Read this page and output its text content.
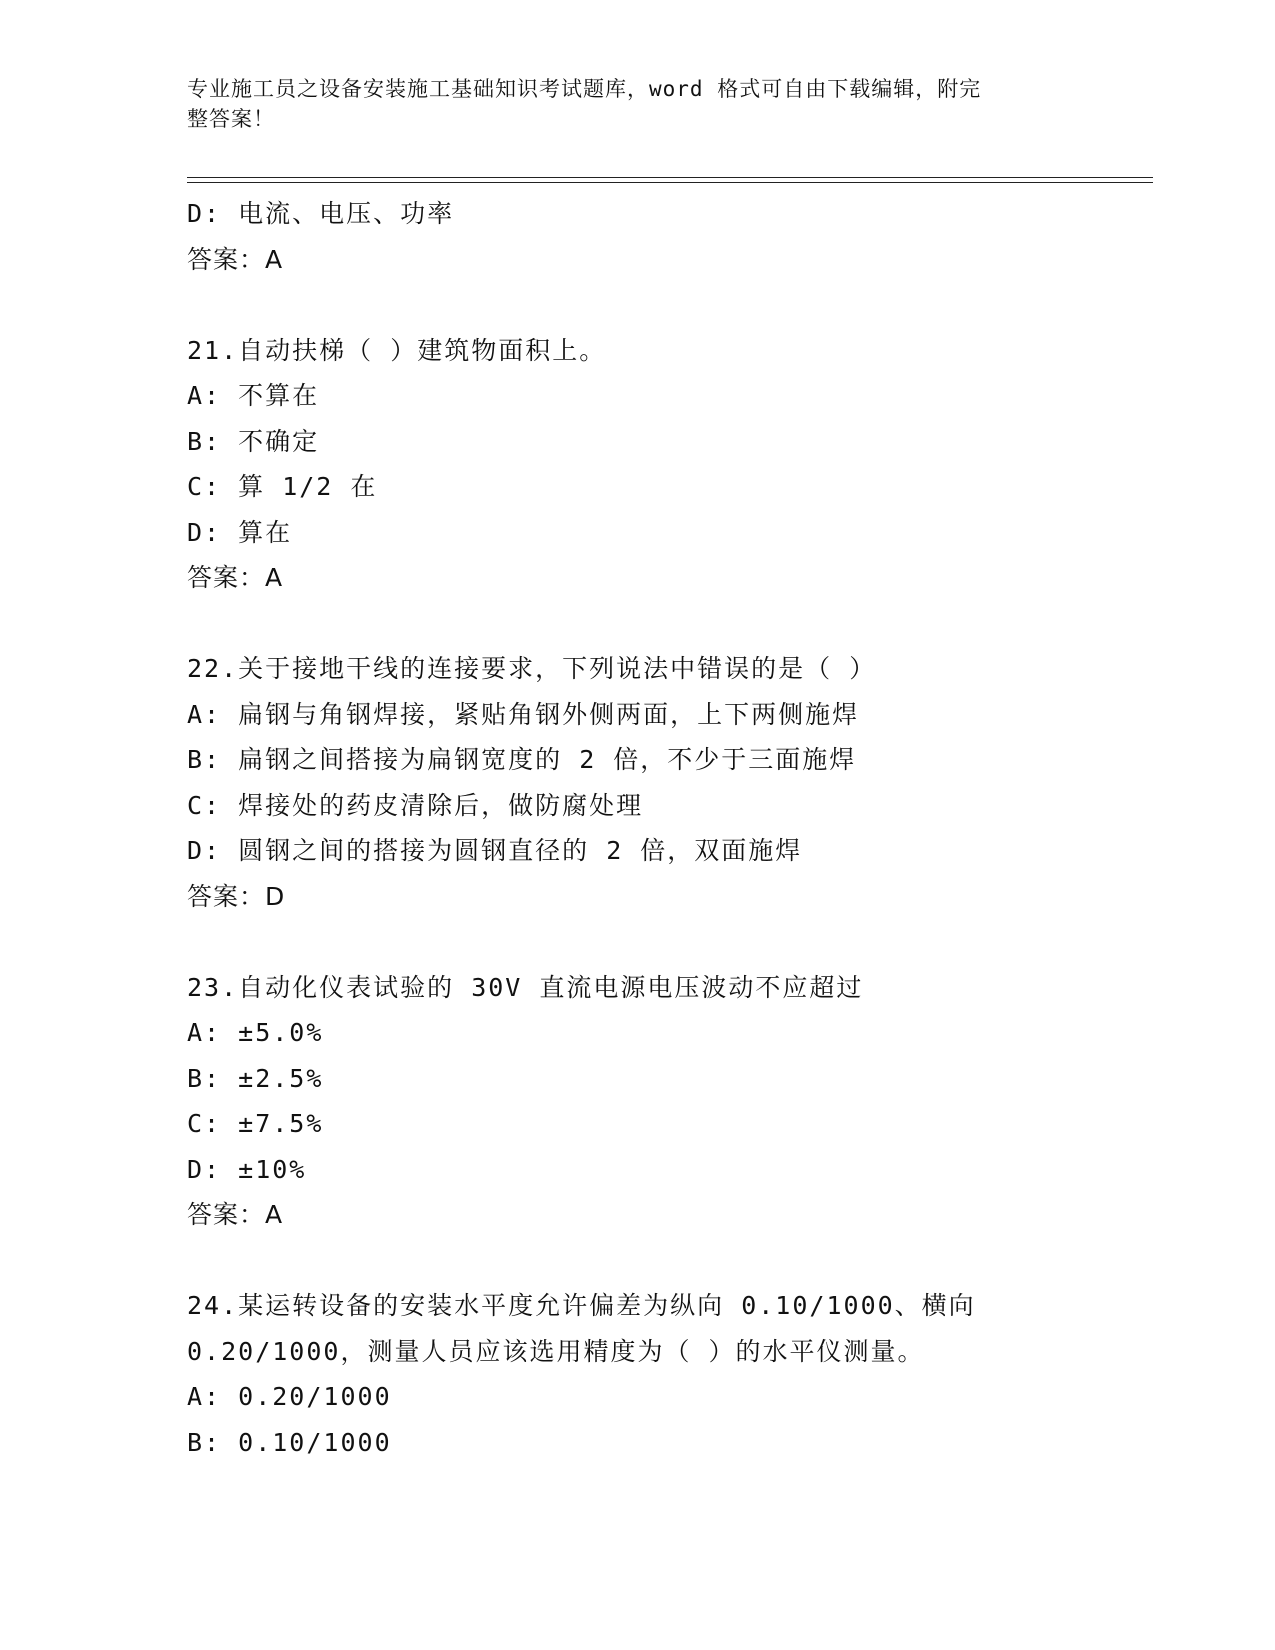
专业施工员之设备安装施工基础知识考试题库，word 格式可自由下载编辑，附完
整答案！
D: 电流、电压、功率
答案：A
21.自动扶梯（ ）建筑物面积上。
A: 不算在
B: 不确定
C: 算 1/2 在
D: 算在
答案：A
22.关于接地干线的连接要求，下列说法中错误的是（ ）
A: 扁钢与角钢焊接，紧贴角钢外侧两面，上下两侧施焊
B: 扁钢之间搭接为扁钢宽度的 2 倍，不少于三面施焊
C: 焊接处的药皮清除后，做防腐处理
D: 圆钢之间的搭接为圆钢直径的 2 倍，双面施焊
答案：D
23.自动化仪表试验的 30V 直流电源电压波动不应超过
A: ±5.0%
B: ±2.5%
C: ±7.5%
D: ±10%
答案：A
24.某运转设备的安装水平度允许偏差为纵向 0.10/1000、横向
0.20/1000，测量人员应该选用精度为（ ）的水平仪测量。
A: 0.20/1000
B: 0.10/1000
